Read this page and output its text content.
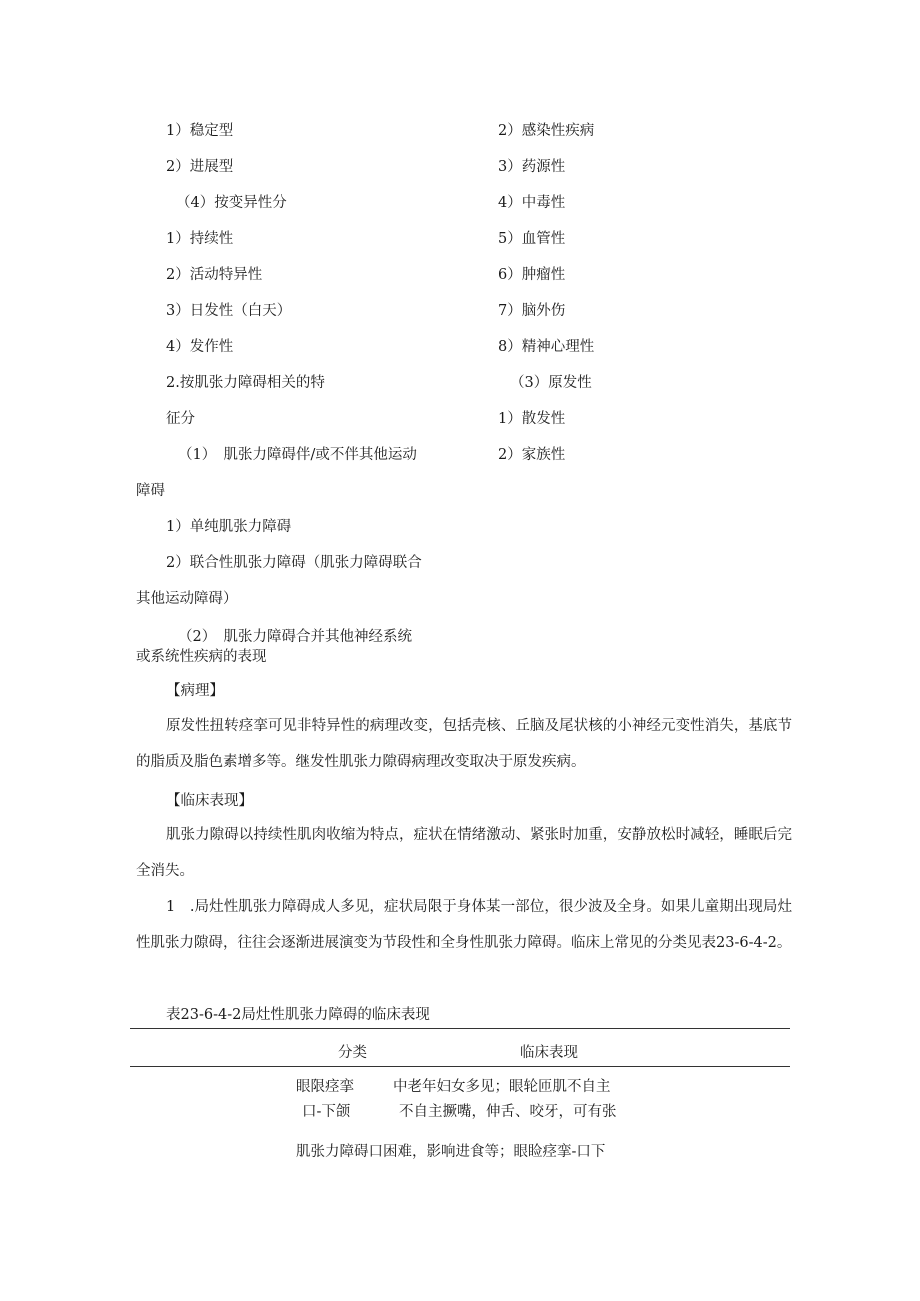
1）稳定型
2）进展型
（4）按变异性分
1）持续性
2）活动特异性
3）日发性（白天）
4）发作性
2.按肌张力障碍相关的特
征分
（1）　肌张力障碍伴/或不伴其他运动
障碍
1）单纯肌张力障碍
2）联合性肌张力障碍（肌张力障碍联合
其他运动障碍）
（2）　肌张力障碍合并其他神经系统
或系统性疾病的表现
2）感染性疾病
3）药源性
4）中毒性
5）血管性
6）肿瘤性
7）脑外伤
8）精神心理性
（3）原发性
1）散发性
2）家族性
【病理】
原发性扭转痉挛可见非特异性的病理改变，包括壳核、丘脑及尾状核的小神经元变性消失，基底节的脂质及脂色素增多等。继发性肌张力隙碍病理改变取决于原发疾病。
【临床表现】
肌张力隙碍以持续性肌肉收缩为特点，症状在情绪激动、紧张时加重，安静放松时减轻，睡眠后完全消失。
1　.局灶性肌张力障碍成人多见，症状局限于身体某一部位，很少波及全身。如果儿童期出现局灶性肌张力隙碍，往往会逐渐进展演变为节段性和全身性肌张力障碍。临床上常见的分类见表23-6-4-2。
表23-6-4-2局灶性肌张力障碍的临床表现
分类	临床表现
眼限痉挛	中老年妇女多见；眼轮匝肌不自主
口-下颌	不自主撅嘴，伸舌、咬牙，可有张
肌张力障碍口困难，影响进食等；眼睑痉挛-口下
